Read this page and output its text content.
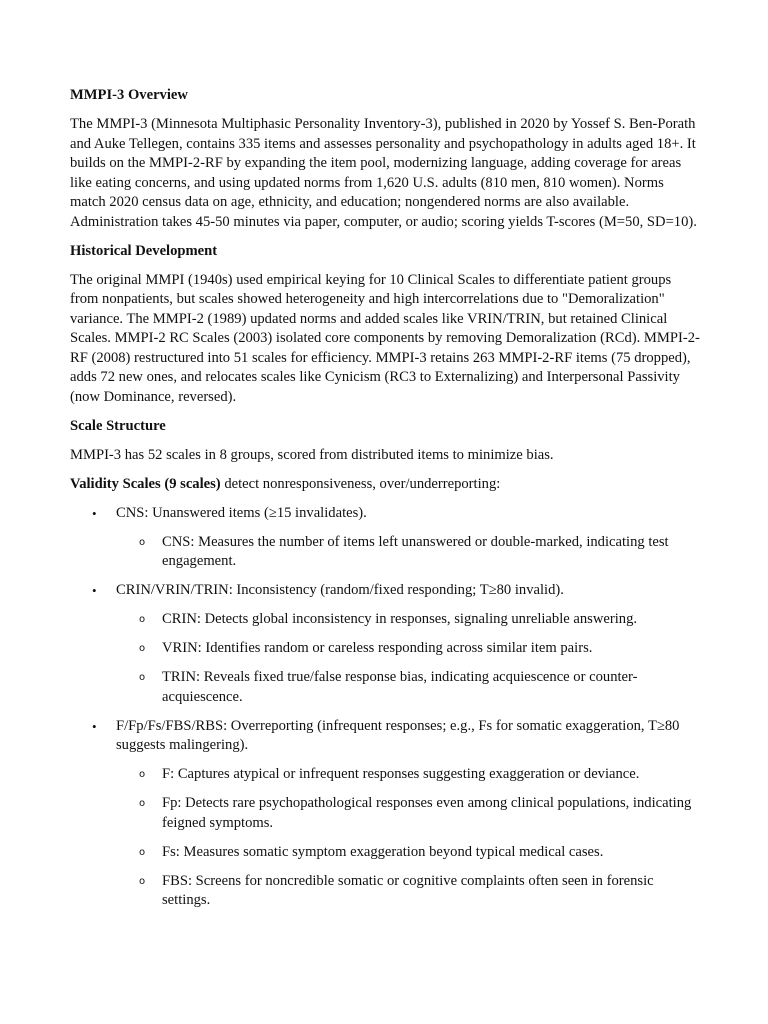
MMPI-3 Overview

The MMPI-3 (Minnesota Multiphasic Personality Inventory-3), published in 2020 by Yossef S. Ben-Porath and Auke Tellegen, contains 335 items and assesses personality and psychopathology in adults aged 18+. It builds on the MMPI-2-RF by expanding the item pool, modernizing language, adding coverage for areas like eating concerns, and using updated norms from 1,620 U.S. adults (810 men, 810 women). Norms match 2020 census data on age, ethnicity, and education; nongendered norms are also available. Administration takes 45-50 minutes via paper, computer, or audio; scoring yields T-scores (M=50, SD=10).

Historical Development

The original MMPI (1940s) used empirical keying for 10 Clinical Scales to differentiate patient groups from nonpatients, but scales showed heterogeneity and high intercorrelations due to "Demoralization" variance. The MMPI-2 (1989) updated norms and added scales like VRIN/TRIN, but retained Clinical Scales. MMPI-2 RC Scales (2003) isolated core components by removing Demoralization (RCd). MMPI-2-RF (2008) restructured into 51 scales for efficiency. MMPI-3 retains 263 MMPI-2-RF items (75 dropped), adds 72 new ones, and relocates scales like Cynicism (RC3 to Externalizing) and Interpersonal Passivity (now Dominance, reversed).

Scale Structure

MMPI-3 has 52 scales in 8 groups, scored from distributed items to minimize bias.

Validity Scales (9 scales) detect nonresponsiveness, over/underreporting:

• CNS: Unanswered items (≥15 invalidates).
o CNS: Measures the number of items left unanswered or double-marked, indicating test engagement.
• CRIN/VRIN/TRIN: Inconsistency (random/fixed responding; T≥80 invalid).
o CRIN: Detects global inconsistency in responses, signaling unreliable answering.
o VRIN: Identifies random or careless responding across similar item pairs.
o TRIN: Reveals fixed true/false response bias, indicating acquiescence or counter-acquiescence.
• F/Fp/Fs/FBS/RBS: Overreporting (infrequent responses; e.g., Fs for somatic exaggeration, T≥80 suggests malingering).
o F: Captures atypical or infrequent responses suggesting exaggeration or deviance.
o Fp: Detects rare psychopathological responses even among clinical populations, indicating feigned symptoms.
o Fs: Measures somatic symptom exaggeration beyond typical medical cases.
o FBS: Screens for noncredible somatic or cognitive complaints often seen in forensic settings.
